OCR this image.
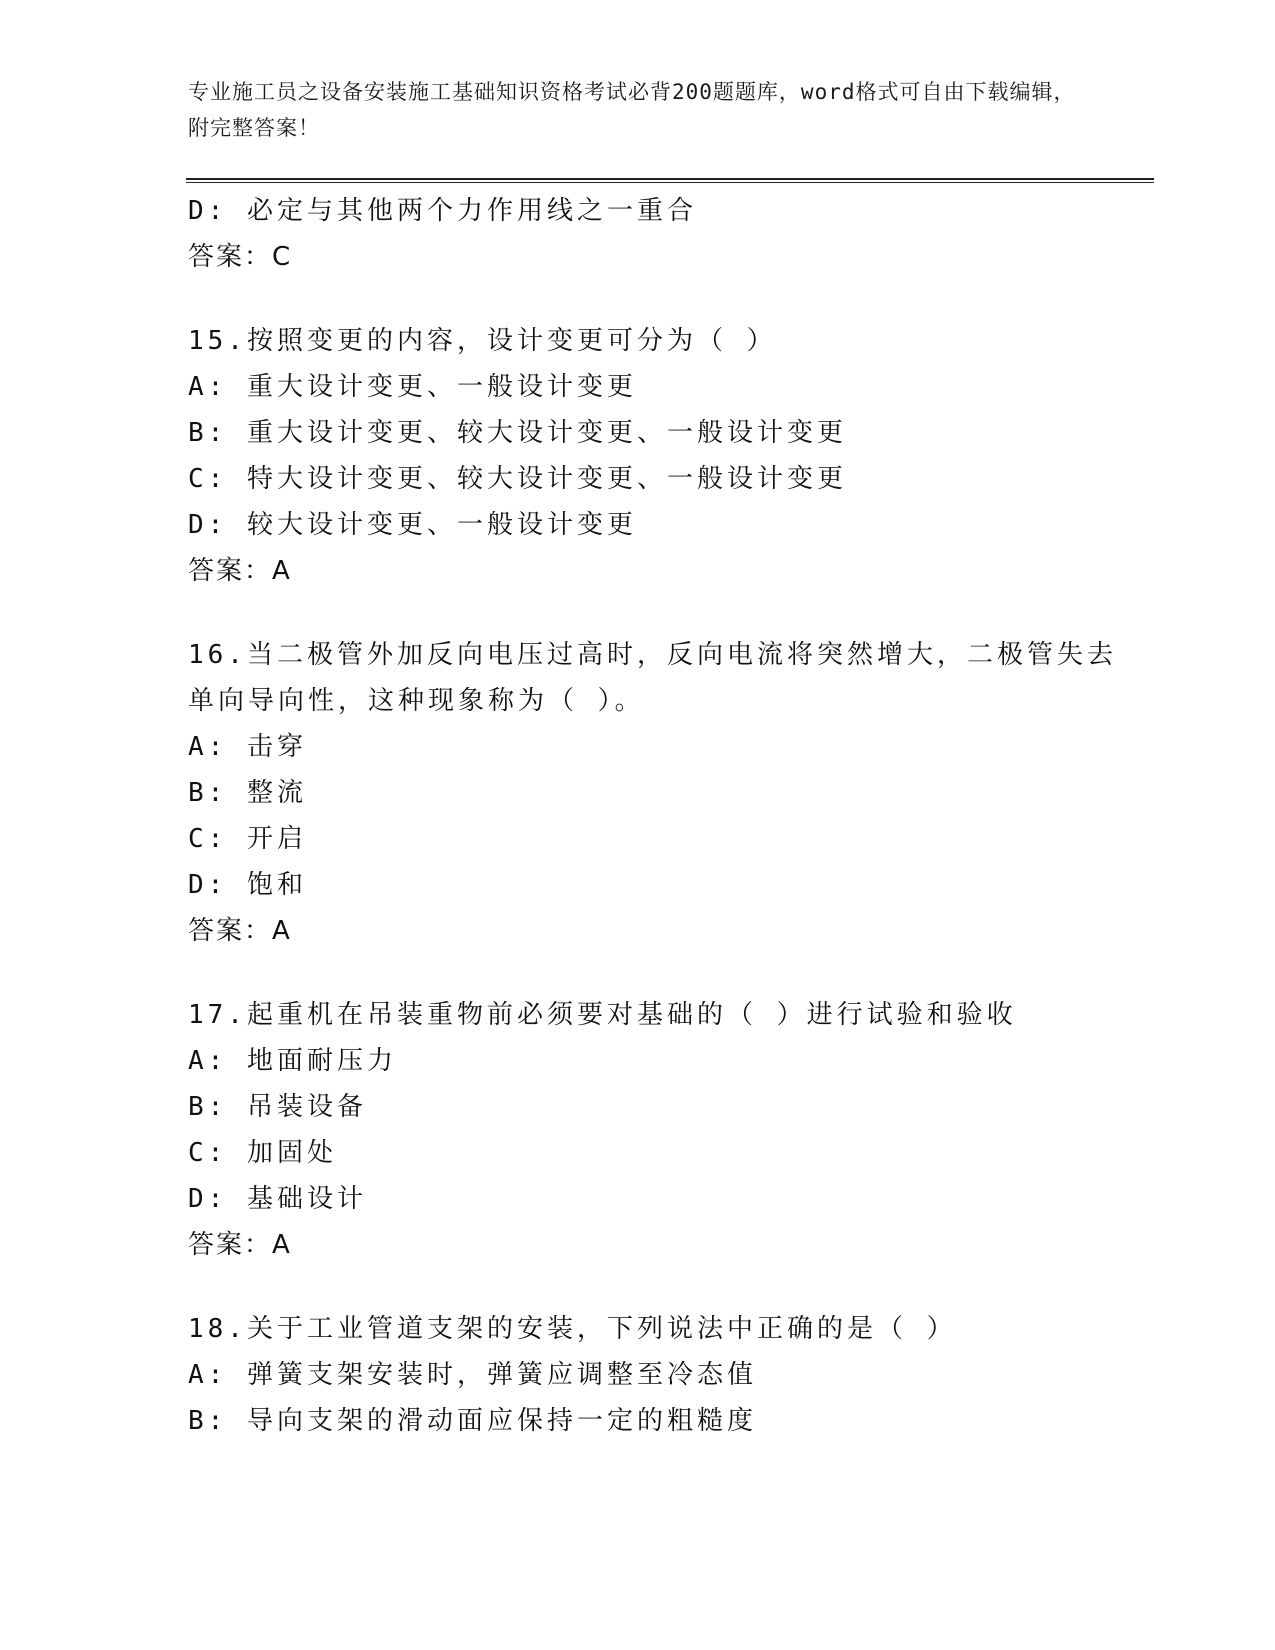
专业施工员之设备安装施工基础知识资格考试必背200题题库，word格式可自由下载编辑，附完整答案！
D: 必定与其他两个力作用线之一重合
答案：C
15.按照变更的内容，设计变更可分为（ ）
A: 重大设计变更、一般设计变更
B: 重大设计变更、较大设计变更、一般设计变更
C: 特大设计变更、较大设计变更、一般设计变更
D: 较大设计变更、一般设计变更
答案：A
16.当二极管外加反向电压过高时，反向电流将突然增大，二极管失去
单向导向性，这种现象称为（ ）。
A: 击穿
B: 整流
C: 开启
D: 饱和
答案：A
17.起重机在吊装重物前必须要对基础的（ ）进行试验和验收
A: 地面耐压力
B: 吊装设备
C: 加固处
D: 基础设计
答案：A
18.关于工业管道支架的安装，下列说法中正确的是（ ）
A: 弹簧支架安装时，弹簧应调整至冷态值
B: 导向支架的滑动面应保持一定的粗糙度
